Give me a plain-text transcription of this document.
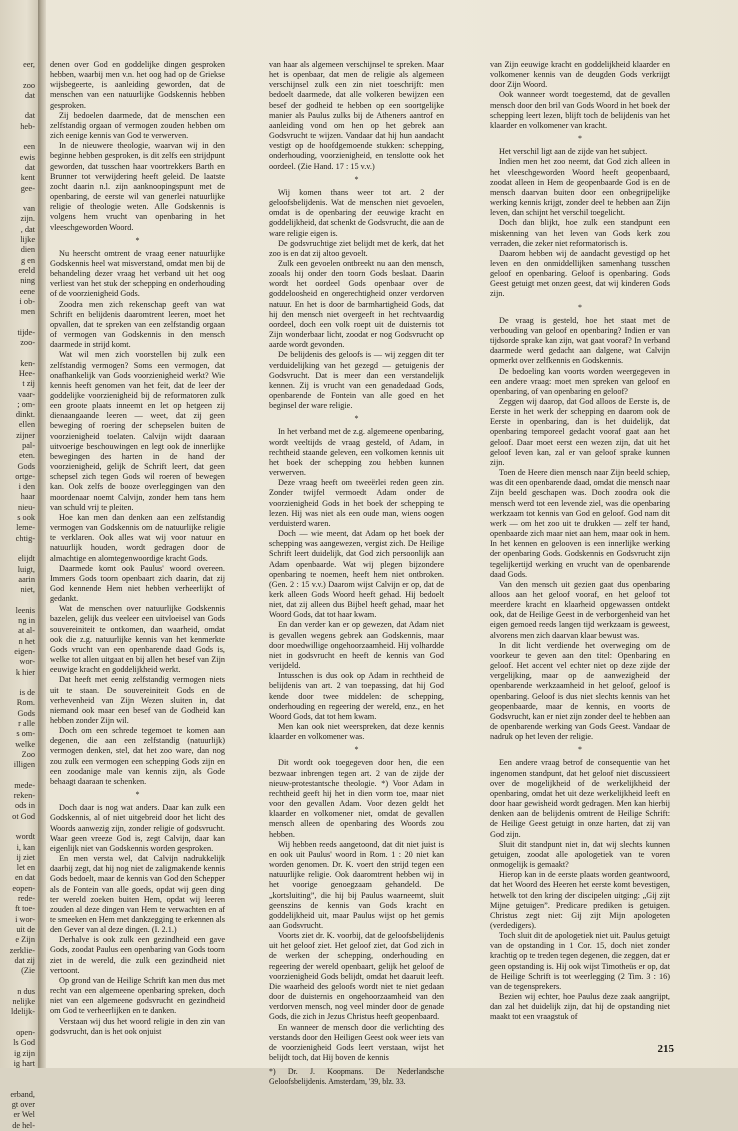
eer,

zoo
dat

dat
heb-

een
ewis
dat
kent
gee-

van
zijn.
, dat
lijke
dien
g en
ereld
ning
eene
i ob-
men

tijde-
zoo-

ken-
Hee-
t zij
vaar-
; om-
dinkt.
ellen
zijner
pal-
eten.
Gods
ortge-
i den
haar
nieu-
s ook
leme-
chtig-

elijdt
luigt,
aarin
niet,

leenis
ng in
at al-
n het
eigen-
wor-
k hier

is de
Rom.
Gods
r alle
s om-
welke
Zoo
illigen

mede-
reken-
ods in
ot God

wordt
i, kan
ij ziet
let en
en dat
eopen-
rede-
ft toe-
i wor-
uit de
e Zijn
zerklie-
dat zij
(Zie

n dus
nelijke
ldelijk-

open-
ls God
ig zijn
ig hart

erband,
gt over
er Wel
de hel-

denen over God en goddelijke dingen gesproken hebben, waarbij men v.n. het oog had op de Griekse wijsbegeerte, is aanleiding geworden, dat de menschen van een natuurlijke Godskennis hebben gesproken.

Zij bedoelen daarmede, dat de menschen een zelfstandig orgaan of vermogen zouden hebben om zich eenige kennis van God te verwerven.

In de nieuwere theologie, waarvan wij in den beginne hebben gesproken, is dit zelfs een strijdpunt geworden, dat tusschen haar voortrekkers Barth en Brunner tot verwijdering heeft geleid. De laatste zocht daarin n.l. zijn aanknoopingspunt met de openbaring, de eerste wil van generlei natuurlijke religie of theologie weten. Alle Godskennis is volgens hem vrucht van openbaring in het vleeschgeworden Woord.

*

Nu heerscht omtrent de vraag eener natuurlijke Godskennis heel wat misverstand, omdat men bij de behandeling dezer vraag het verband uit het oog verliest van het stuk der schepping en onderhouding of de voorzienigheid Gods.

Zoodra men zich rekenschap geeft van wat Schrift en belijdenis daaromtrent leeren, moet het opvallen, dat te spreken van een zelfstandig orgaan of vermogen van Godskennis in den mensch daarmede in strijd komt.

Wat wil men zich voorstellen bij zulk een zelfstandig vermogen? Soms een vermogen, dat onafhankelijk van Gods voorzienigheid werkt? Wie kennis heeft genomen van het feit, dat de leer der goddelijke voorzienigheid bij de reformatoren zulk een groote plaats inneemt en let op hetgeen zij dienaangaande leeren — weet, dat zij geen beweging of roering der schepselen buiten de voorzienigheid toelaten. Calvijn wijdt daaraan uitvoerige beschouwingen en legt ook de innerlijke bewegingen des harten in de hand der voorzienigheid, gelijk de Schrift leert, dat geen schepsel zich tegen Gods wil roeren of bewegen kan. Ook zelfs de booze overleggingen van den moordenaar noemt Calvijn, zonder hem tans hem van schuld vrij te pleiten.

Hoe kan men dan denken aan een zelfstandig vermogen van Godskennis om de natuurlijke religie te verklaren. Ook alles wat wij voor natuur en natuurlijk houden, wordt gedragen door de almachtige en alomtegenwoordige kracht Gods.

Daarmede komt ook Paulus' woord overeen. Immers Gods toorn openbaart zich daarin, dat zij God kennende Hem niet hebben verheerlijkt of gedankt.

Wat de menschen over natuurlijke Godskennis bazelen, gelijk dus veeleer een uitvloeisel van Gods souvereiniteit te ontkomen, dan waarheid, omdat ook die z.g. natuurlijke kennis van het kenmerkte Gods vrucht van een openbarende daad Gods is, welke tot allen uitgaat en bij allen het besef van Zijn eeuwige kracht en goddelijkheid werkt.

Dat heeft met eenig zelfstandig vermogen niets uit te staan. De souvereiniteit Gods en de verhevenheid van Zijn Wezen sluiten in, dat niemand ook maar een besef van de Godheid kan hebben zonder Zijn wil.

Doch om een schrede tegemoet te komen aan degenen, die aan een zelfstandig (natuurlijk) vermogen denken, stel, dat het zoo ware, dan nog zou zulk een vermogen een schepping Gods zijn en een zoodanige male van kennis zijn, als Gode behaagt daaraan te schenken.

*

Doch daar is nog wat anders. Daar kan zulk een Godskennis, al of niet uitgebreid door het licht des Woords aanwezig zijn, zonder religie of godsvrucht. Waar geen vreeze God is, zegt Calvijn, daar kan eigenlijk niet van Godskennis worden gesproken.

En men versta wel, dat Calvijn nadrukkelijk daarbij zegt, dat hij nog niet de zaligmakende kennis Gods bedoelt, maar de kennis van God den Schepper als de Fontein van alle goeds, opdat wij geen ding ter wereld zoeken buiten Hem, opdat wij leeren zouden al deze dingen van Hem te verwachten en af te smeeken en Hem met dankzegging te erkennen als den Gever van al deze dingen. (I. 2.1.)

Derhalve is ook zulk een gezindheid een gave Gods, zoodat Paulus een openbaring van Gods toorn ziet in de wereld, die zulk een gezindheid niet vertoont.

Op grond van de Heilige Schrift kan men dus met recht van een algemeene openbaring spreken, doch niet van een algemeene godsvrucht en gezindheid om God te verheerlijken en te danken.

Verstaan wij dus het woord religie in den zin van godsvrucht, dan is het ook onjuist

van haar als algemeen verschijnsel te spreken. Maar het is openbaar, dat men de religie als algemeen verschijnsel zulk een zin niet toeschrijft: men bedoelt daarmede, dat alle volkeren bewijzen een besef der godheid te hebben op een soortgelijke manier als Paulus zulks bij de Atheners aantrof en aanleiding vond om hen op het gebrek aan Godsvrucht te wijzen. Vandaar dat hij hun aandacht vestigt op de hoofdgemoende stukken: schepping, onderhouding, voorzienigheid, en tenslotte ook het oordeel. (Zie Hand. 17 : 15 v.v.)

*

Wij komen thans weer tot art. 2 der geloofsbelijdenis. Wat de menschen niet gevoelen, omdat is de openbaring der eeuwige kracht en goddelijkheid, dat schenkt de Godsvrucht, die aan de ware religie eigen is.

De godsvruchtige ziet belijdt met de kerk, dat het zoo is en dat zij altoo gevoelt.

Zulk een gevoelen ontbreekt nu aan den mensch, zooals hij onder den toorn Gods beslaat. Daarin wordt het oordeel Gods openbaar over de goddeloosheid en ongerechtigheid onzer verdorven natuur. En het is door de barmhartigheid Gods, dat hij den mensch niet overgeeft in het rechtvaardig oordeel, doch een volk roept uit de duisternis tot Zijn wonderbaar licht, zoodat er nog Godsvrucht op aarde wordt gevonden.

De belijdenis des geloofs is — wij zeggen dit ter verduidelijking van het gezegd — getuigenis der Godsvrucht. Dat is meer dan een verstandelijk kennen. Zij is vrucht van een genadedaad Gods, openbarende de Fontein van alle goed en het beginsel der ware religie.

*

In het verband met de z.g. algemeene openbaring, wordt veeltijds de vraag gesteld, of Adam, in rechtheid staande geleven, een volkomen kennis uit het boek der schepping zou hebben kunnen verwerven.

Deze vraag heeft om tweeërlei reden geen zin. Zonder twijfel vermoedt Adam onder de voorzienigheid Gods in het boek der schepping te lezen. Hij was niet als een oude man, wiens oogen verduisterd waren.

Doch — wie meent, dat Adam op het boek der schepping was aangewezen, vergist zich. De Heilige Schrift leert duidelijk, dat God zich persoonlijk aan Adam openbaarde. Wat wij plegen bijzondere openbaring te noemen, heeft hem niet ontbroken. (Gen. 2 : 15 v.v.) Daarom wijst Calvijn er op, dat de kerk alleen Gods Woord heeft gehad. Hij bedoelt niet, dat zij alleen dus Bijbel heeft gehad, maar het Woord Gods, dat tot haar kwam.

En dan verder kan er op gewezen, dat Adam niet is gevallen wegens gebrek aan Godskennis, maar door moedwillige ongehoorzaamheid. Hij volhardde niet in godsvrucht en heeft de kennis van God verijdeld.

Intusschen is dus ook op Adam in rechtheid de belijdenis van art. 2 van toepassing, dat hij God kende door twee middelen: de schepping, onderhouding en regeering der wereld, enz., en het Woord Gods, dat tot hem kwam.

Men kan ook niet weerspreken, dat deze kennis klaarder en volkomener was.

*

Dit wordt ook toegegeven door hen, die een bezwaar inbrengen tegen art. 2 van de zijde der nieuw-protestantsche theologie. *) Voor Adam in rechtheid geeft hij het in dien vorm toe, maar niet voor den gevallen Adam. Voor dezen geldt het klaarder en volkomener niet, omdat de gevallen mensch alleen de openbaring des Woords zou hebben.

Wij hebben reeds aangetoond, dat dit niet juist is en ook uit Paulus' woord in Rom. 1 : 20 niet kan worden genomen. Dr. K. voert den strijd tegen een natuurlijke religie. Ook daaromtrent hebben wij in het voorige genoegzaam gehandeld. De „kortsluiting”, die hij bij Paulus waarneemt, sluit geenszins de kennis van Gods kracht en goddelijkheid uit, maar Paulus wijst op het gemis aan Godsvrucht.

Voorts ziet dr. K. voorbij, dat de geloofsbelijdenis uit het geloof ziet. Het geloof ziet, dat God zich in de werken der schepping, onderhouding en regeering der wereld openbaart, gelijk het geloof de voorzienigheid Gods belijdt, omdat het daaruit leeft. Die waarheid des geloofs wordt niet te niet gedaan door de duisternis en ongehoorzaamheid van den verdorven mensch, nog veel minder door de genade Gods, die zich in Jezus Christus heeft geopenbaard.

En wanneer de mensch door die verlichting des verstands door den Heiligen Geest ook weer iets van de voorzienigheid Gods leert verstaan, wijst het belijdt toch, dat Hij boven de kennis

*) Dr. J. Koopmans. De Nederlandsche Geloofsbelijdenis. Amsterdam, '39, blz. 33.

van Zijn eeuwige kracht en goddelijkheid klaarder en volkomener kennis van de deugden Gods verkrijgt door Zijn Woord.

Ook wanneer wordt toegestemd, dat de gevallen mensch door den bril van Gods Woord in het boek der schepping leert lezen, blijft toch de belijdenis van het klaarder en volkomener van kracht.

*

Het verschil ligt aan de zijde van het subject.

Indien men het zoo neemt, dat God zich alleen in het vleeschgeworden Woord heeft geopenbaard, zoodat alleen in Hem de geopenbaarde God is en de mensch daarvan buiten door een onbegrijpelijke werking kennis krijgt, zonder deel te hebben aan Zijn leven, dan schijnt het verschil toegelicht.

Doch dan blijkt, hoe zulk een standpunt een miskenning van het leven van Gods kerk zou verraden, die zeker niet reformatorisch is.

Daarom hebben wij de aandacht gevestigd op het leven en den onmiddellijken samenhang tusschen geloof en openbaring. Geloof is openbaring. Gods Geest getuigt met onzen geest, dat wij kinderen Gods zijn.

*

De vraag is gesteld, hoe het staat met de verbouding van geloof en openbaring? Indien er van tijdsorde sprake kan zijn, wat gaat vooraf? In verband daarmede werd gedacht aan dalgene, wat Calvijn opmerkt over zelfkennis en Godskennis.

De bedoeling kan voorts worden weergegeven in een andere vraag: moet men spreken van geloof en openbaring, of van openbaring en geloof?

Zeggen wij daarop, dat God alloos de Eerste is, de Eerste in het werk der schepping en daarom ook de Eerste in openbaring, dan is het duidelijk, dat openbaring temporeel gedacht vooraf gaat aan het geloof. Daar moet eerst een wezen zijn, dat uit het geloof leven kan, zal er van geloof sprake kunnen zijn.

Toen de Heere dien mensch naar Zijn beeld schiep, was dit een openbarende daad, omdat die mensch naar Zijn beeld geschapen was. Doch zoodra ook die mensch werd tot een levende ziel, was die openbaring werkzaam tot kennis van God en geloof. God nam dit werk — om het zoo uit te drukken — zelf ter hand, openbaarde zich maar niet aan hem, maar ook in hem. In het kennen en gelooven is een innerlijke werking der openbaring Gods. Godskennis en Godsvrucht zijn tegelijkertijd werking en vrucht van de openbarende daad Gods.

Van den mensch uit gezien gaat dus openbaring alloos aan het geloof vooraf, en het geloof tot meerdere kracht en klaarheid opgewassen ontdekt ook, dat de Heilige Geest in de verborgenheid van het eigen gemoed reeds langen tijd werkzaam is geweest, alvorens men zich daarvan klaar bewust was.

In dit licht verdiende het overweging om de voorkeur te geven aan den titel: Openbaring en geloof. Het accent vel echter niet op deze zijde der vergelijking, maar op de aanwezigheid der openbarende werkzaamheid in het geloof, geloof is openbaring. Geloof is dus niet slechts kennis van het geopenbaarde, maar de kennis, en voorts de Godsvrucht, kan er niet zijn zonder deel te hebben aan de openbarende werking van Gods Geest. Vandaar de nadruk op het leven der religie.

*

Een andere vraag betrof de consequentie van het ingenomen standpunt, dat het geloof niet discussieert over de mogelijkheid of de werkelijkheid der openbaring, omdat het uit deze werkelijkheid leeft en door haar gewisheid wordt gedragen. Men kan hierbij denken aan de belijdenis omtrent de Heilige Schrift: de Heilige Geest getuigt in onze harten, dat zij van God zijn.

Sluit dit standpunt niet in, dat wij slechts kunnen getuigen, zoodat alle apologetiek van te voren onmogelijk is gemaakt?

Hierop kan in de eerste plaats worden geantwoord, dat het Woord des Heeren het eerste komt bevestigen, hetwelk tot den kring der discipelen uitging: „Gij zijt Mijne getuigen”. Predicare prediken is getuigen. Christus zegt niet: Gij zijt Mijn apologeten (verdedigers).

Toch sluit dit de apologetiek niet uit. Paulus getuigt van de opstanding in 1 Cor. 15, doch niet zonder krachtig op te treden tegen degenen, die zeggen, dat er geen opstanding is. Hij ook wijst Timotheüs er op, dat de Heilige Schrift is tot weerlegging (2 Tim. 3 : 16) van de tegensprekers.

Bezien wij echter, hoe Paulus deze zaak aangrijpt, dan zal het duidelijk zijn, dat hij de opstanding niet maakt tot een vraagstuk of

215
